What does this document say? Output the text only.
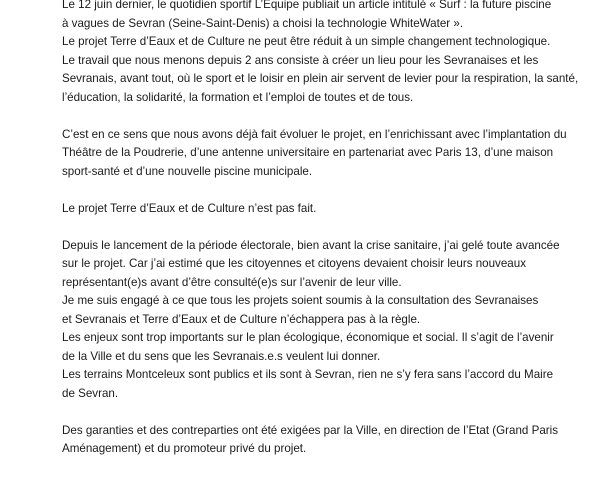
Le 12 juin dernier, le quotidien sportif L’Equipe publiait un article intitulé « Surf : la future piscine
à vagues de Sevran (Seine-Saint-Denis) a choisi la technologie WhiteWater ».
Le projet Terre d’Eaux et de Culture ne peut être réduit à un simple changement technologique.
Le travail que nous menons depuis 2 ans consiste à créer un lieu pour les Sevranaises et les
Sevranais, avant tout, où le sport et le loisir en plein air servent de levier pour la respiration, la santé,
l’éducation, la solidarité, la formation et l’emploi de toutes et de tous.

C’est en ce sens que nous avons déjà fait évoluer le projet, en l’enrichissant avec l’implantation du
Théâtre de la Poudrerie, d’une antenne universitaire en partenariat avec Paris 13, d’une maison
sport-santé et d’une nouvelle piscine municipale.

Le projet Terre d’Eaux et de Culture n’est pas fait.

Depuis le lancement de la période électorale, bien avant la crise sanitaire, j’ai gelé toute avancée
sur le projet. Car j’ai estimé que les citoyennes et citoyens devaient choisir leurs nouveaux
représentant(e)s avant d’être consulté(e)s sur l’avenir de leur ville.
Je me suis engagé à ce que tous les projets soient soumis à la consultation des Sevranaises
et Sevranais et Terre d’Eaux et de Culture n’échappera pas à la règle.
Les enjeux sont trop importants sur le plan écologique, économique et social. Il s’agit de l’avenir
de la Ville et du sens que les Sevranais.e.s veulent lui donner.
Les terrains Montceleux sont publics et ils sont à Sevran, rien ne s’y fera sans l’accord du Maire
de Sevran.

Des garanties et des contreparties ont été exigées par la Ville, en direction de l’Etat (Grand Paris
Aménagement) et du promoteur privé du projet.
